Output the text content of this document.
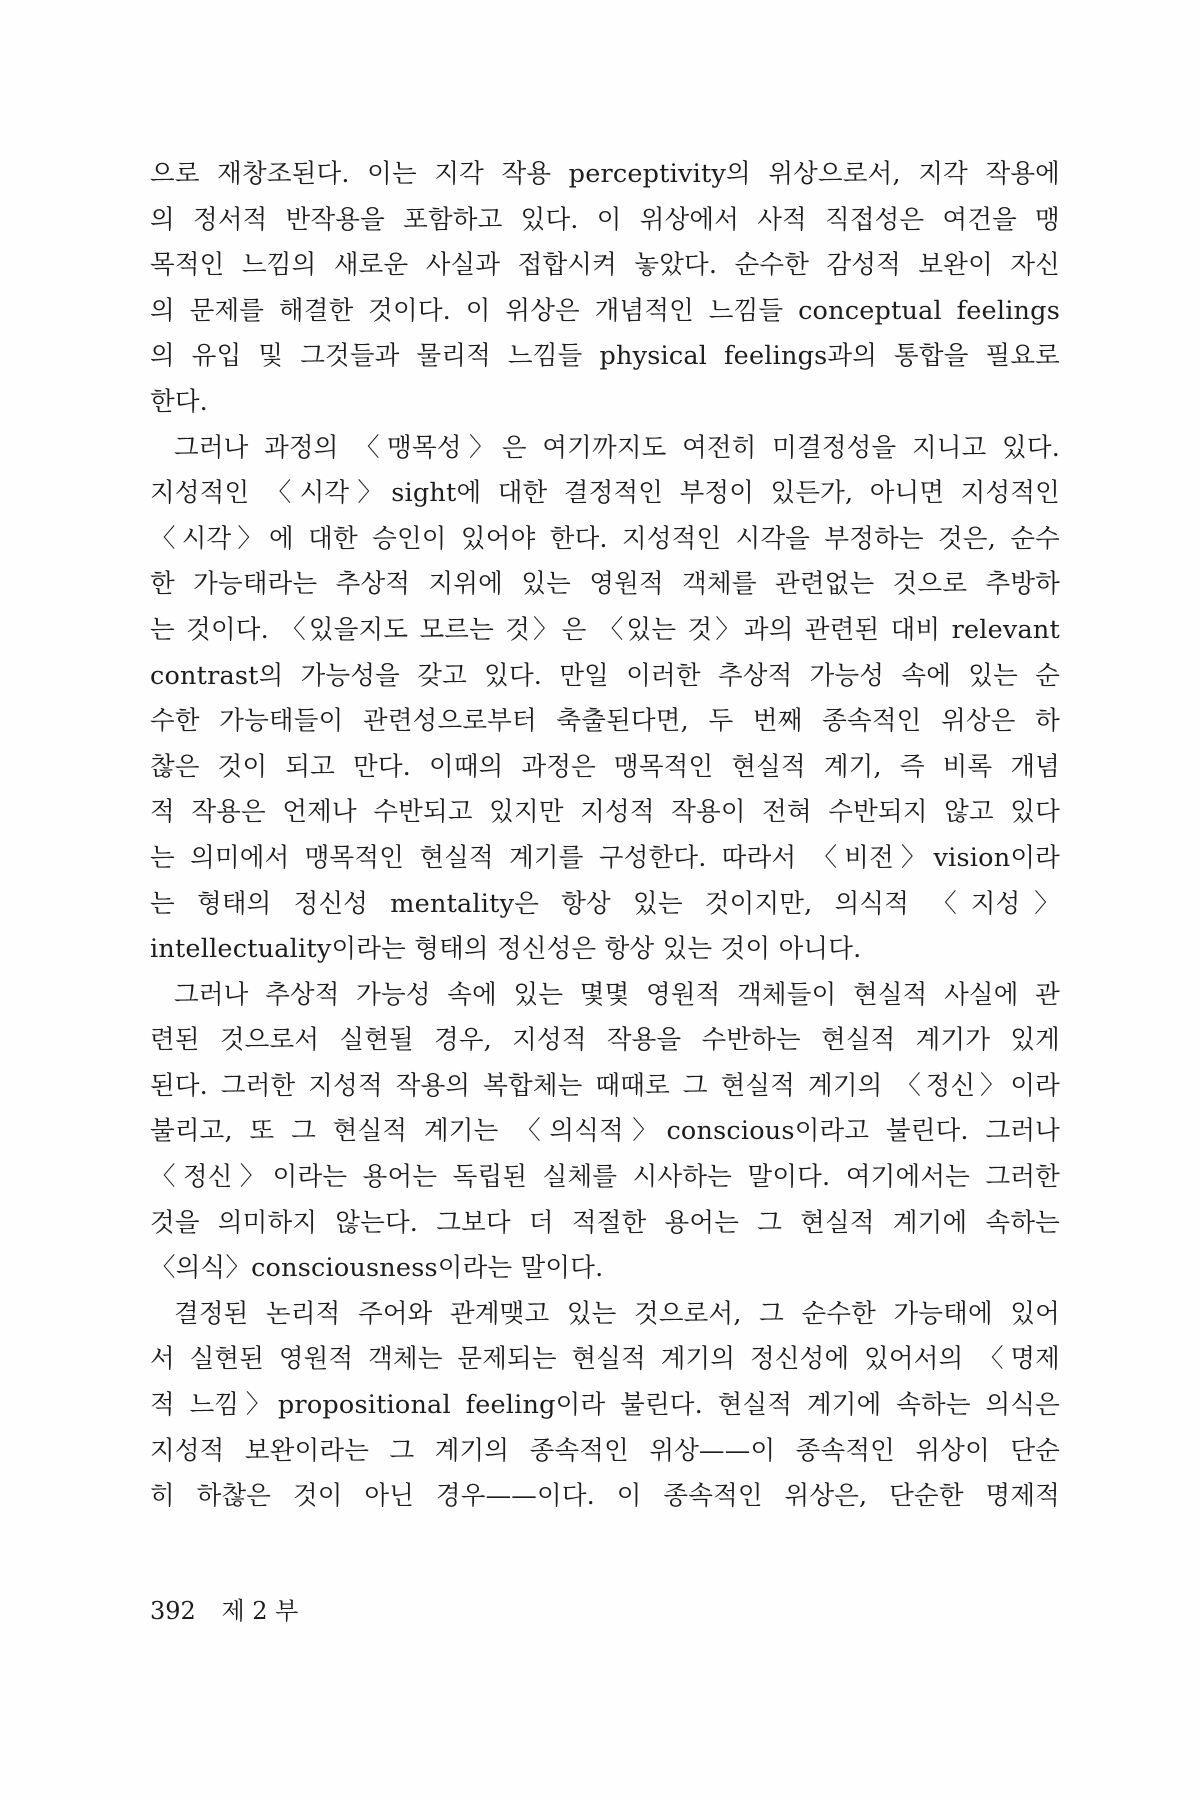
으로 재창조된다. 이는 지각 작용 perceptivity의 위상으로서, 지각 작용에
의 정서적 반작용을 포함하고 있다. 이 위상에서 사적 직접성은 여건을 맹
목적인 느낌의 새로운 사실과 접합시켜 놓았다. 순수한 감성적 보완이 자신
의 문제를 해결한 것이다. 이 위상은 개념적인 느낌들 conceptual feelings
의 유입 및 그것들과 물리적 느낌들 physical feelings과의 통합을 필요로
한다.
그러나 과정의 〈맹목성〉은 여기까지도 여전히 미결정성을 지니고 있다.
지성적인 〈시각〉sight에 대한 결정적인 부정이 있든가, 아니면 지성적인
〈시각〉에 대한 승인이 있어야 한다. 지성적인 시각을 부정하는 것은, 순수
한 가능태라는 추상적 지위에 있는 영원적 객체를 관련없는 것으로 추방하
는 것이다. 〈있을지도 모르는 것〉은 〈있는 것〉과의 관련된 대비 relevant
contrast의 가능성을 갖고 있다. 만일 이러한 추상적 가능성 속에 있는 순
수한 가능태들이 관련성으로부터 축출된다면, 두 번째 종속적인 위상은 하
찮은 것이 되고 만다. 이때의 과정은 맹목적인 현실적 계기, 즉 비록 개념
적 작용은 언제나 수반되고 있지만 지성적 작용이 전혀 수반되지 않고 있다
는 의미에서 맹목적인 현실적 계기를 구성한다. 따라서 〈비전〉vision이라
는 형태의 정신성 mentality은 항상 있는 것이지만, 의식적 〈지성〉
intellectuality이라는 형태의 정신성은 항상 있는 것이 아니다.
그러나 추상적 가능성 속에 있는 몇몇 영원적 객체들이 현실적 사실에 관
련된 것으로서 실현될 경우, 지성적 작용을 수반하는 현실적 계기가 있게
된다. 그러한 지성적 작용의 복합체는 때때로 그 현실적 계기의 〈정신〉이라
불리고, 또 그 현실적 계기는 〈의식적〉conscious이라고 불린다. 그러나
〈정신〉이라는 용어는 독립된 실체를 시사하는 말이다. 여기에서는 그러한
것을 의미하지 않는다. 그보다 더 적절한 용어는 그 현실적 계기에 속하는
〈의식〉consciousness이라는 말이다.
결정된 논리적 주어와 관계맺고 있는 것으로서, 그 순수한 가능태에 있어
서 실현된 영원적 객체는 문제되는 현실적 계기의 정신성에 있어서의 〈명제
적 느낌〉propositional feeling이라 불린다. 현실적 계기에 속하는 의식은
지성적 보완이라는 그 계기의 종속적인 위상——이 종속적인 위상이 단순
히 하찮은 것이 아닌 경우——이다. 이 종속적인 위상은, 단순한 명제적
392 제 2 부
